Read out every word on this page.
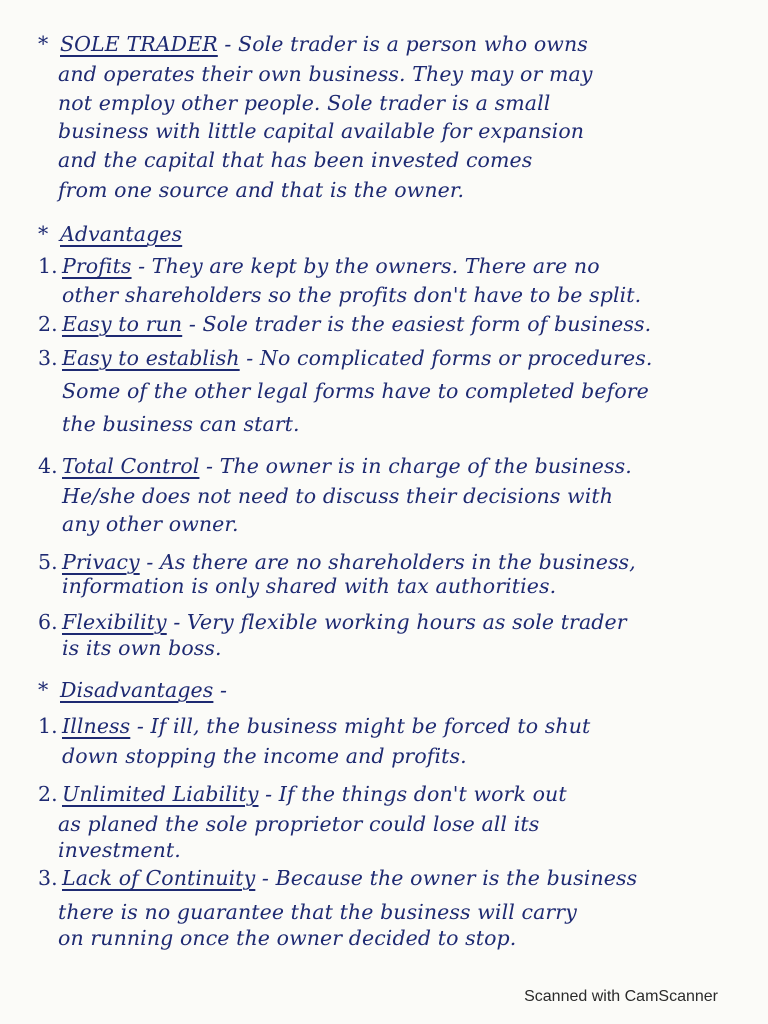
* SOLE TRADER - Sole trader is a person who owns
and operates their own business. They may or may
not employ other people. Sole trader is a small
business with little capital available for expansion
and the capital that has been invested comes
from one source and that is the owner.
* Advantages
1. Profits - They are kept by the owners. There are no
other shareholders so the profits don't have to be split.
2. Easy to run - Sole trader is the easiest form of business.
3. Easy to establish - No complicated forms or procedures.
Some of the other legal forms have to completed before
the business can start.
4. Total Control - The owner is in charge of the business.
He/she does not need to discuss their decisions with
any other owner.
5. Privacy - As there are no shareholders in the business,
information is only shared with tax authorities.
6. Flexibility - Very flexible working hours as sole trader
is its own boss.
* Disadvantages -
1. Illness - If ill, the business might be forced to shut
down stopping the income and profits.
2. Unlimited Liability - If the things don't work out
as planed the sole proprietor could lose all its
investment.
3. Lack of Continuity - Because the owner is the business
there is no guarantee that the business will carry
on running once the owner decided to stop.
Scanned with CamScanner
